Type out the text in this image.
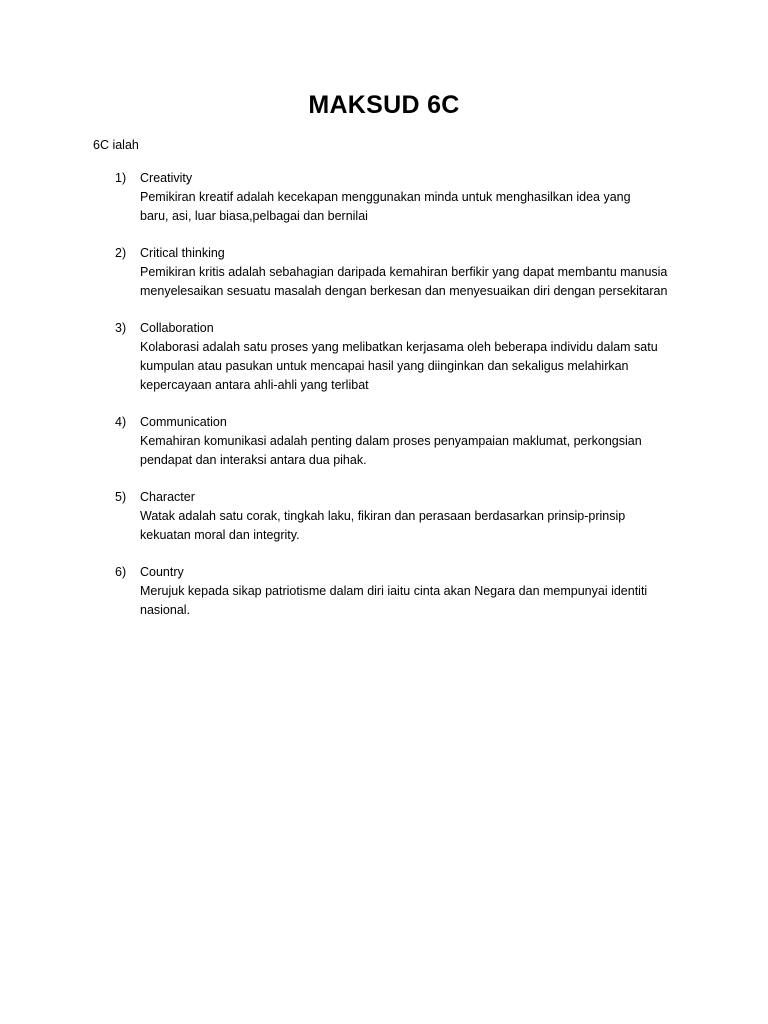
MAKSUD 6C
6C ialah
1) Creativity
Pemikiran kreatif adalah kecekapan menggunakan minda untuk menghasilkan idea yang baru, asi, luar biasa,pelbagai dan bernilai
2) Critical thinking
Pemikiran kritis adalah sebahagian daripada kemahiran berfikir yang dapat membantu manusia menyelesaikan sesuatu masalah dengan berkesan dan menyesuaikan diri dengan persekitaran
3) Collaboration
Kolaborasi adalah satu proses yang melibatkan kerjasama oleh beberapa individu dalam satu kumpulan atau pasukan untuk mencapai hasil yang diinginkan dan sekaligus melahirkan kepercayaan antara ahli-ahli yang terlibat
4) Communication
Kemahiran komunikasi adalah penting dalam proses penyampaian maklumat, perkongsian pendapat dan interaksi antara dua pihak.
5) Character
Watak adalah satu corak, tingkah laku, fikiran dan perasaan berdasarkan prinsip-prinsip kekuatan moral dan integrity.
6) Country
Merujuk kepada sikap patriotisme dalam diri iaitu cinta akan Negara dan mempunyai identiti nasional.
